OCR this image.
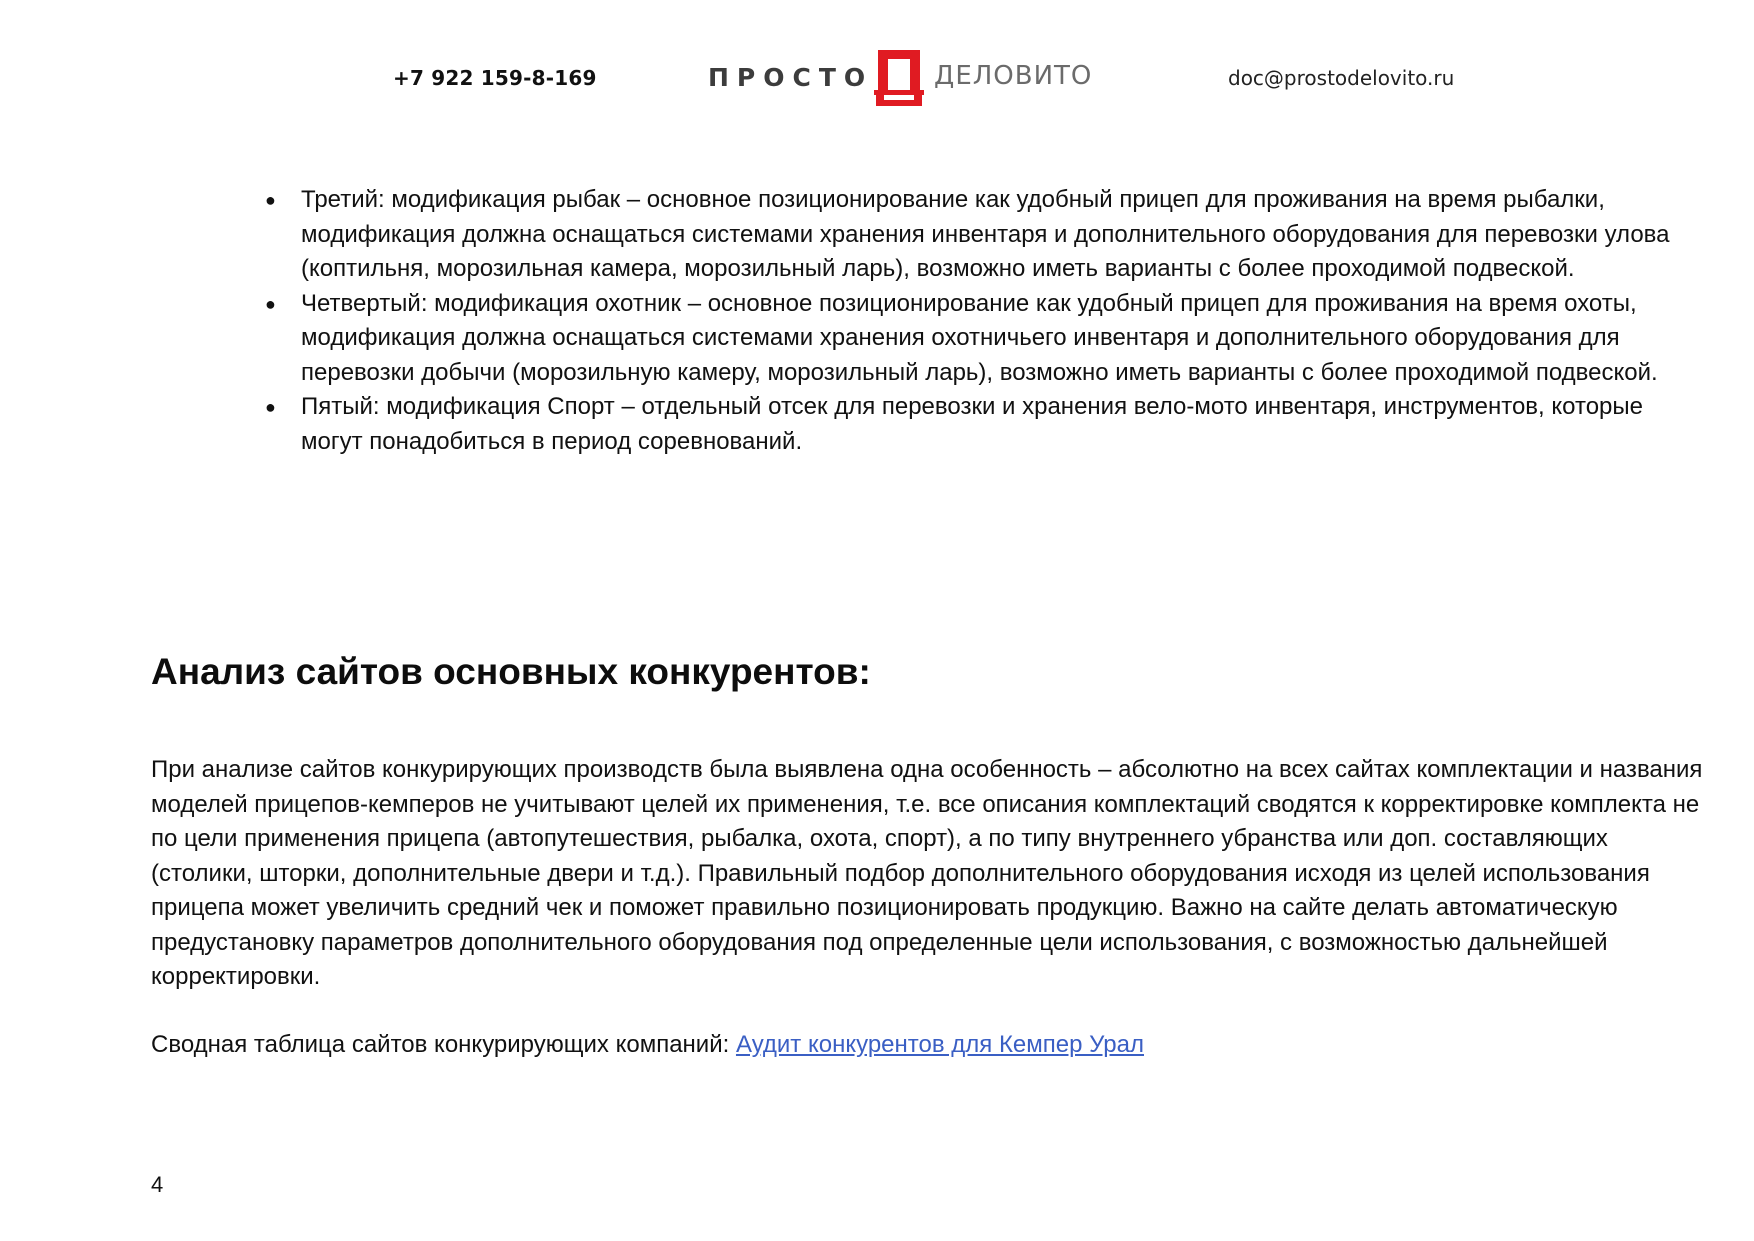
+7 922 159-8-169	ПРОСТО ДЕЛОВИТО	doc@prostodelovito.ru
● Третий: модификация рыбак – основное позиционирование как удобный прицеп для проживания на время рыбалки, модификация должна оснащаться системами хранения инвентаря и дополнительного оборудования для перевозки улова (коптильня, морозильная камера, морозильный ларь), возможно иметь варианты с более проходимой подвеской.
● Четвертый: модификация охотник – основное позиционирование как удобный прицеп для проживания на время охоты, модификация должна оснащаться системами хранения охотничьего инвентаря и дополнительного оборудования для перевозки добычи (морозильную камеру, морозильный ларь), возможно иметь варианты с более проходимой подвеской.
● Пятый: модификация Спорт – отдельный отсек для перевозки и хранения вело-мото инвентаря, инструментов, которые могут понадобиться в период соревнований.
Анализ сайтов основных конкурентов:

При анализе сайтов конкурирующих производств была выявлена одна особенность – абсолютно на всех сайтах комплектации и названия моделей прицепов-кемперов не учитывают целей их применения, т.е. все описания комплектаций сводятся к корректировке комплекта не по цели применения прицепа (автопутешествия, рыбалка, охота, спорт), а по типу внутреннего убранства или доп. составляющих (столики, шторки, дополнительные двери и т.д.). Правильный подбор дополнительного оборудования исходя из целей использования прицепа может увеличить средний чек и поможет правильно позиционировать продукцию. Важно на сайте делать автоматическую предустановку параметров дополнительного оборудования под определенные цели использования, с возможностью дальнейшей корректировки.

Сводная таблица сайтов конкурирующих компаний: Аудит конкурентов для Кемпер Урал

4
